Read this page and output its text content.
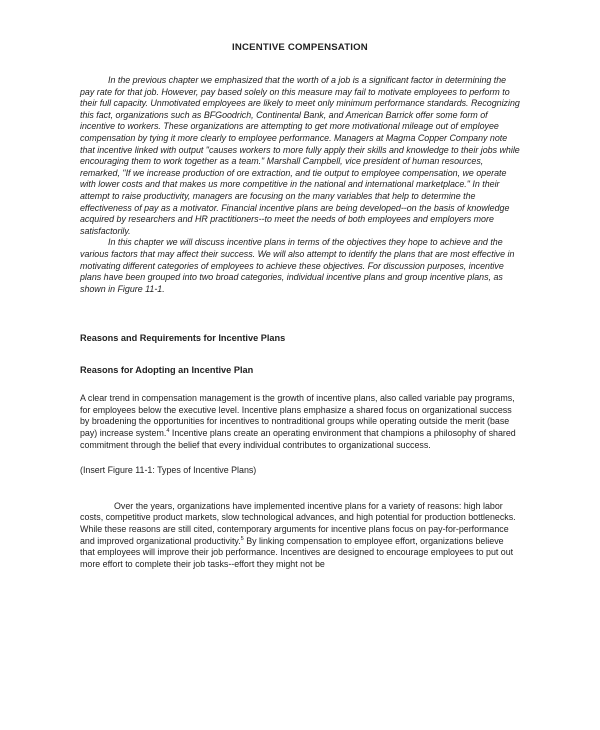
INCENTIVE COMPENSATION

In the previous chapter we emphasized that the worth of a job is a significant factor in determining the pay rate for that job. However, pay based solely on this measure may fail to motivate employees to perform to their full capacity. Unmotivated employees are likely to meet only minimum performance standards. Recognizing this fact, organizations such as BFGoodrich, Continental Bank, and American Barrick offer some form of incentive to workers. These organizations are attempting to get more motivational mileage out of employee compensation by tying it more clearly to employee performance. Managers at Magma Copper Company note that incentive linked with output "causes workers to more fully apply their skills and knowledge to their jobs while encouraging them to work together as a team." Marshall Campbell, vice president of human resources, remarked, "If we increase production of ore extraction, and tie output to employee compensation, we operate with lower costs and that makes us more competitive in the national and international marketplace." In their attempt to raise productivity, managers are focusing on the many variables that help to determine the effectiveness of pay as a motivator. Financial incentive plans are being developed--on the basis of knowledge acquired by researchers and HR practitioners--to meet the needs of both employees and employers more satisfactorily.

In this chapter we will discuss incentive plans in terms of the objectives they hope to achieve and the various factors that may affect their success. We will also attempt to identify the plans that are most effective in motivating different categories of employees to achieve these objectives. For discussion purposes, incentive plans have been grouped into two broad categories, individual incentive plans and group incentive plans, as shown in Figure 11-1.

Reasons and Requirements for Incentive Plans
Reasons for Adopting an Incentive Plan

A clear trend in compensation management is the growth of incentive plans, also called variable pay programs, for employees below the executive level. Incentive plans emphasize a shared focus on organizational success by broadening the opportunities for incentives to nontraditional groups while operating outside the merit (base pay) increase system.$^4$ Incentive plans create an operating environment that champions a philosophy of shared commitment through the belief that every individual contributes to organizational success.

(Insert Figure 11-1: Types of Incentive Plans)

Over the years, organizations have implemented incentive plans for a variety of reasons: high labor costs, competitive product markets, slow technological advances, and high potential for production bottlenecks. While these reasons are still cited, contemporary arguments for incentive plans focus on pay-for-performance and improved organizational productivity.$^5$ By linking compensation to employee effort, organizations believe that employees will improve their job performance. Incentives are designed to encourage employees to put out more effort to complete their job tasks--effort they might not be
